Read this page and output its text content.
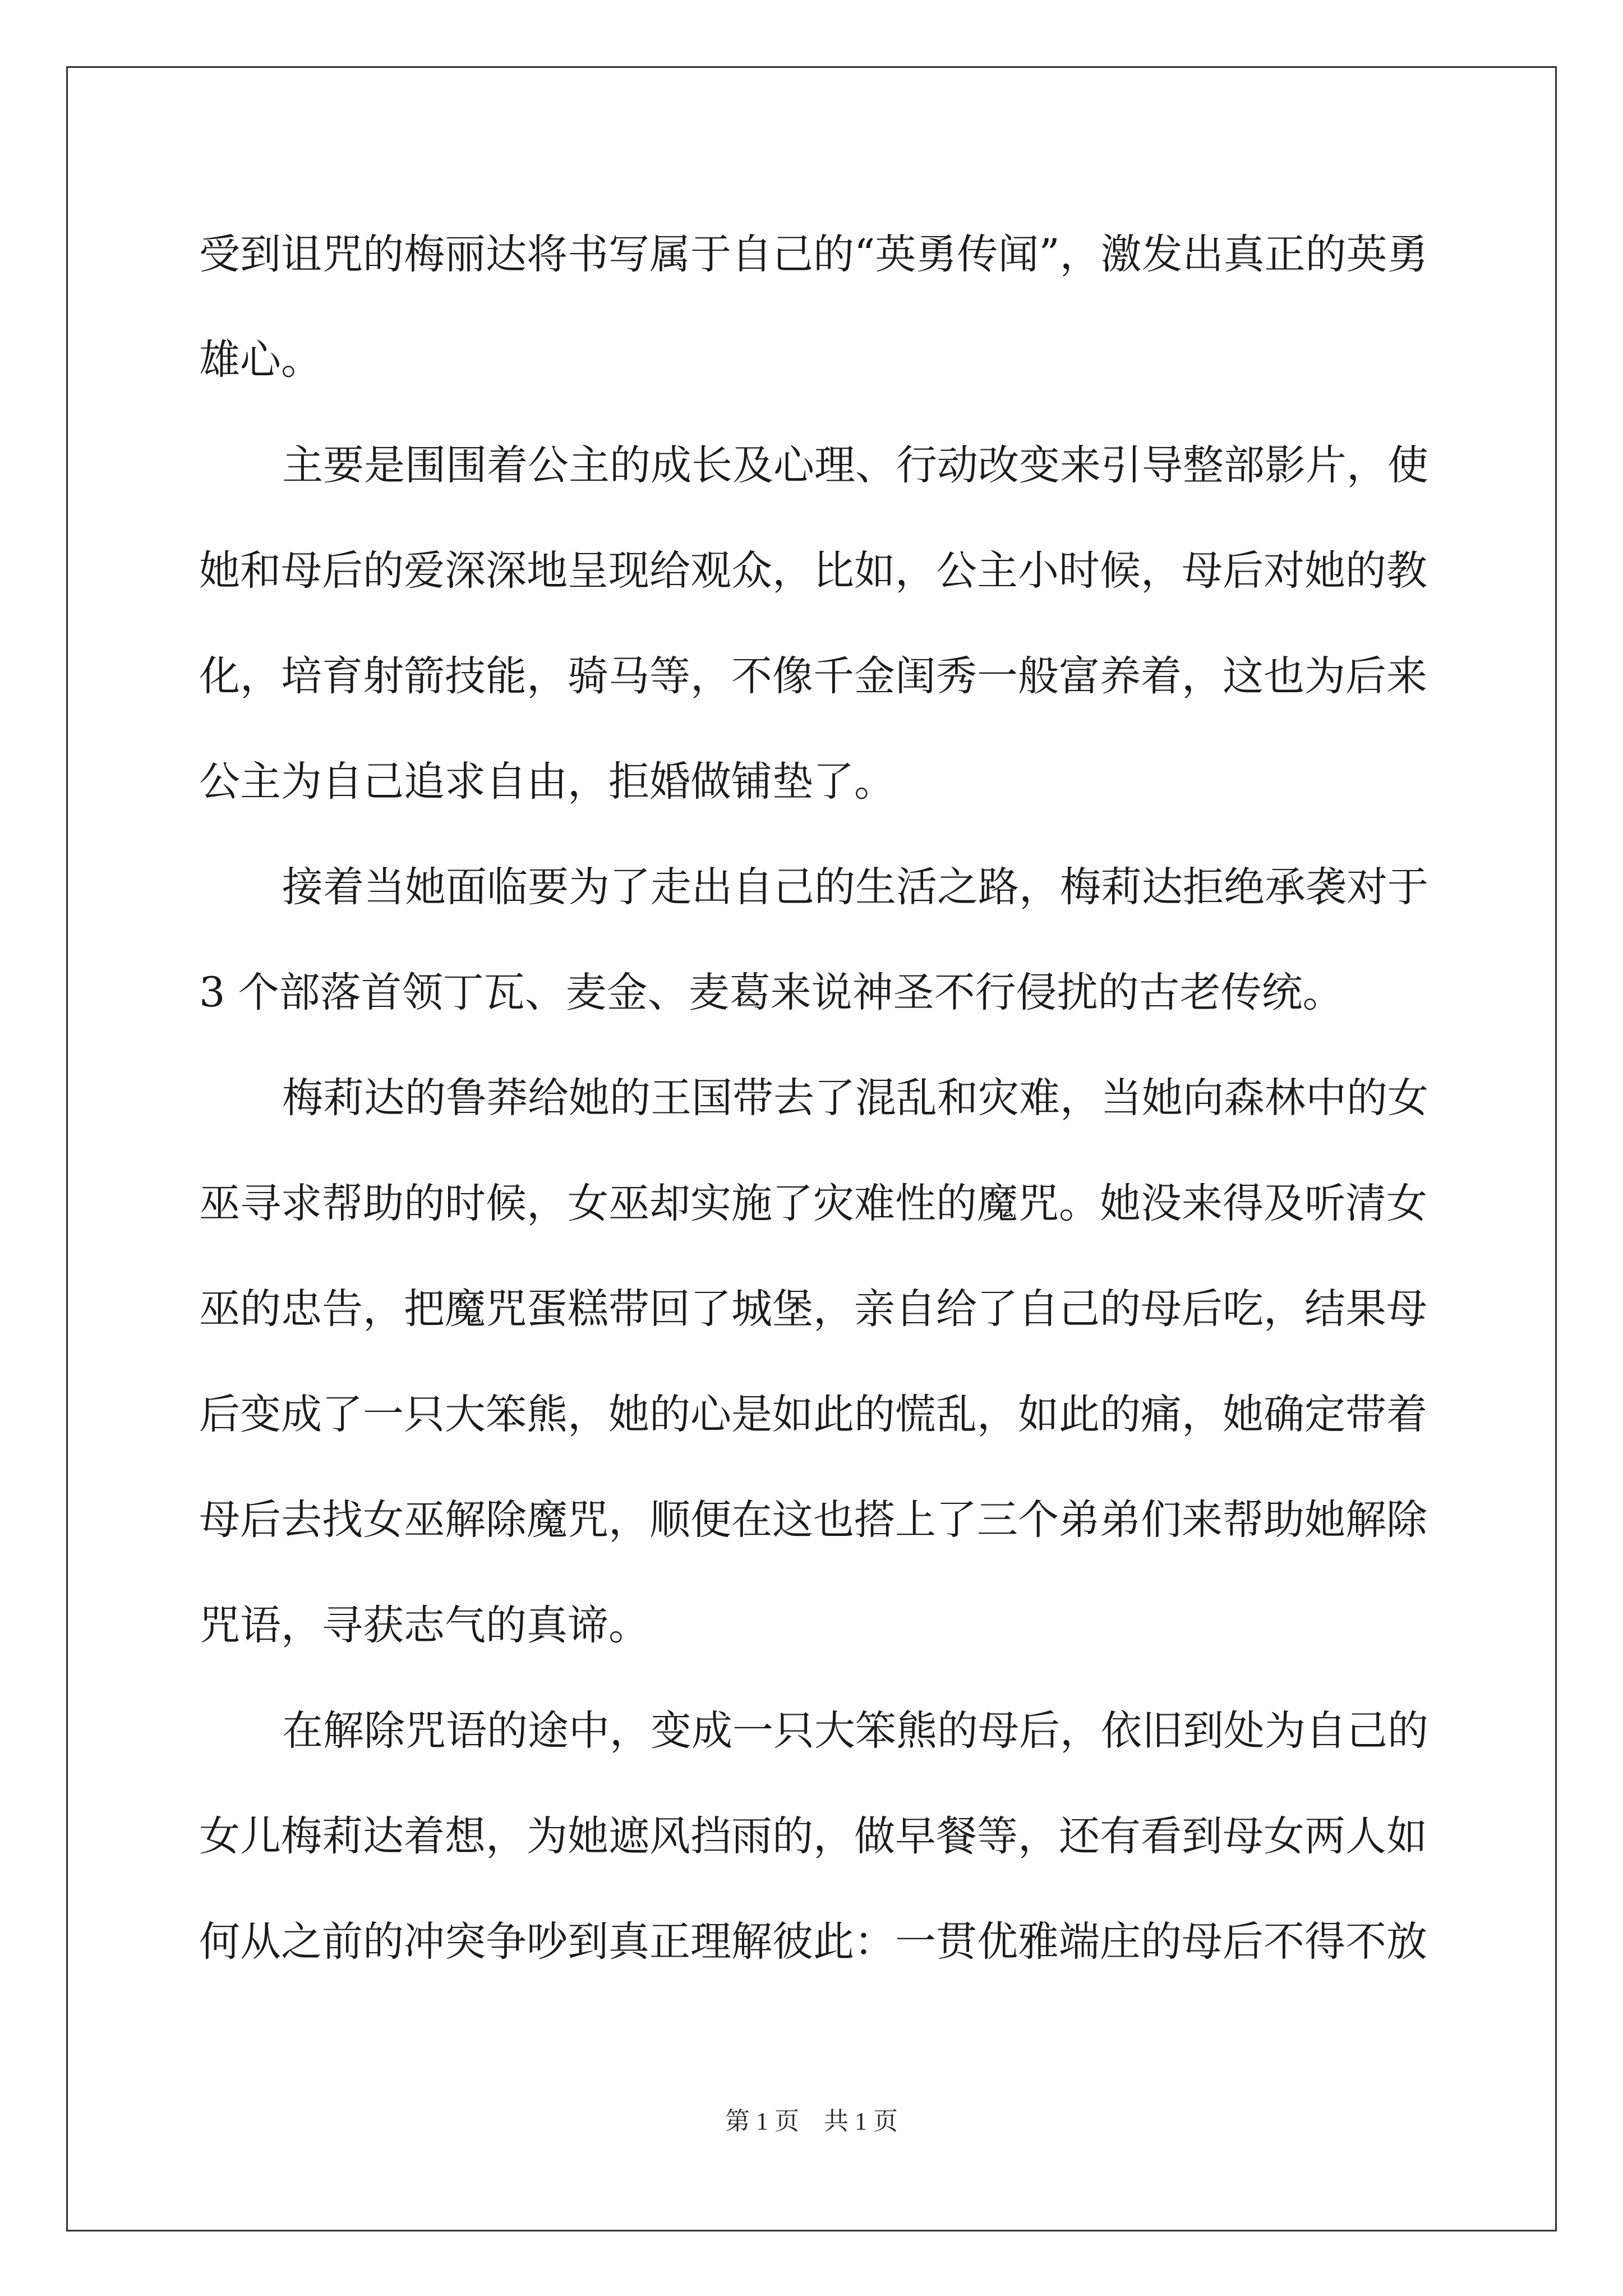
受到诅咒的梅丽达将书写属于自己的“英勇传闻”，激发出真正的英勇
雄心。
主要是围围着公主的成长及心理、行动改变来引导整部影片，使
她和母后的爱深深地呈现给观众，比如，公主小时候，母后对她的教
化，培育射箭技能，骑马等，不像千金闺秀一般富养着，这也为后来
公主为自己追求自由，拒婚做铺垫了。
接着当她面临要为了走出自己的生活之路，梅莉达拒绝承袭对于
3 个部落首领丁瓦、麦金、麦葛来说神圣不行侵扰的古老传统。
梅莉达的鲁莽给她的王国带去了混乱和灾难，当她向森林中的女
巫寻求帮助的时候，女巫却实施了灾难性的魔咒。她没来得及听清女
巫的忠告，把魔咒蛋糕带回了城堡，亲自给了自己的母后吃，结果母
后变成了一只大笨熊，她的心是如此的慌乱，如此的痛，她确定带着
母后去找女巫解除魔咒，顺便在这也搭上了三个弟弟们来帮助她解除
咒语，寻获志气的真谛。
在解除咒语的途中，变成一只大笨熊的母后，依旧到处为自己的
女儿梅莉达着想，为她遮风挡雨的，做早餐等，还有看到母女两人如
何从之前的冲突争吵到真正理解彼此：一贯优雅端庄的母后不得不放
第 1 页　共 1 页
